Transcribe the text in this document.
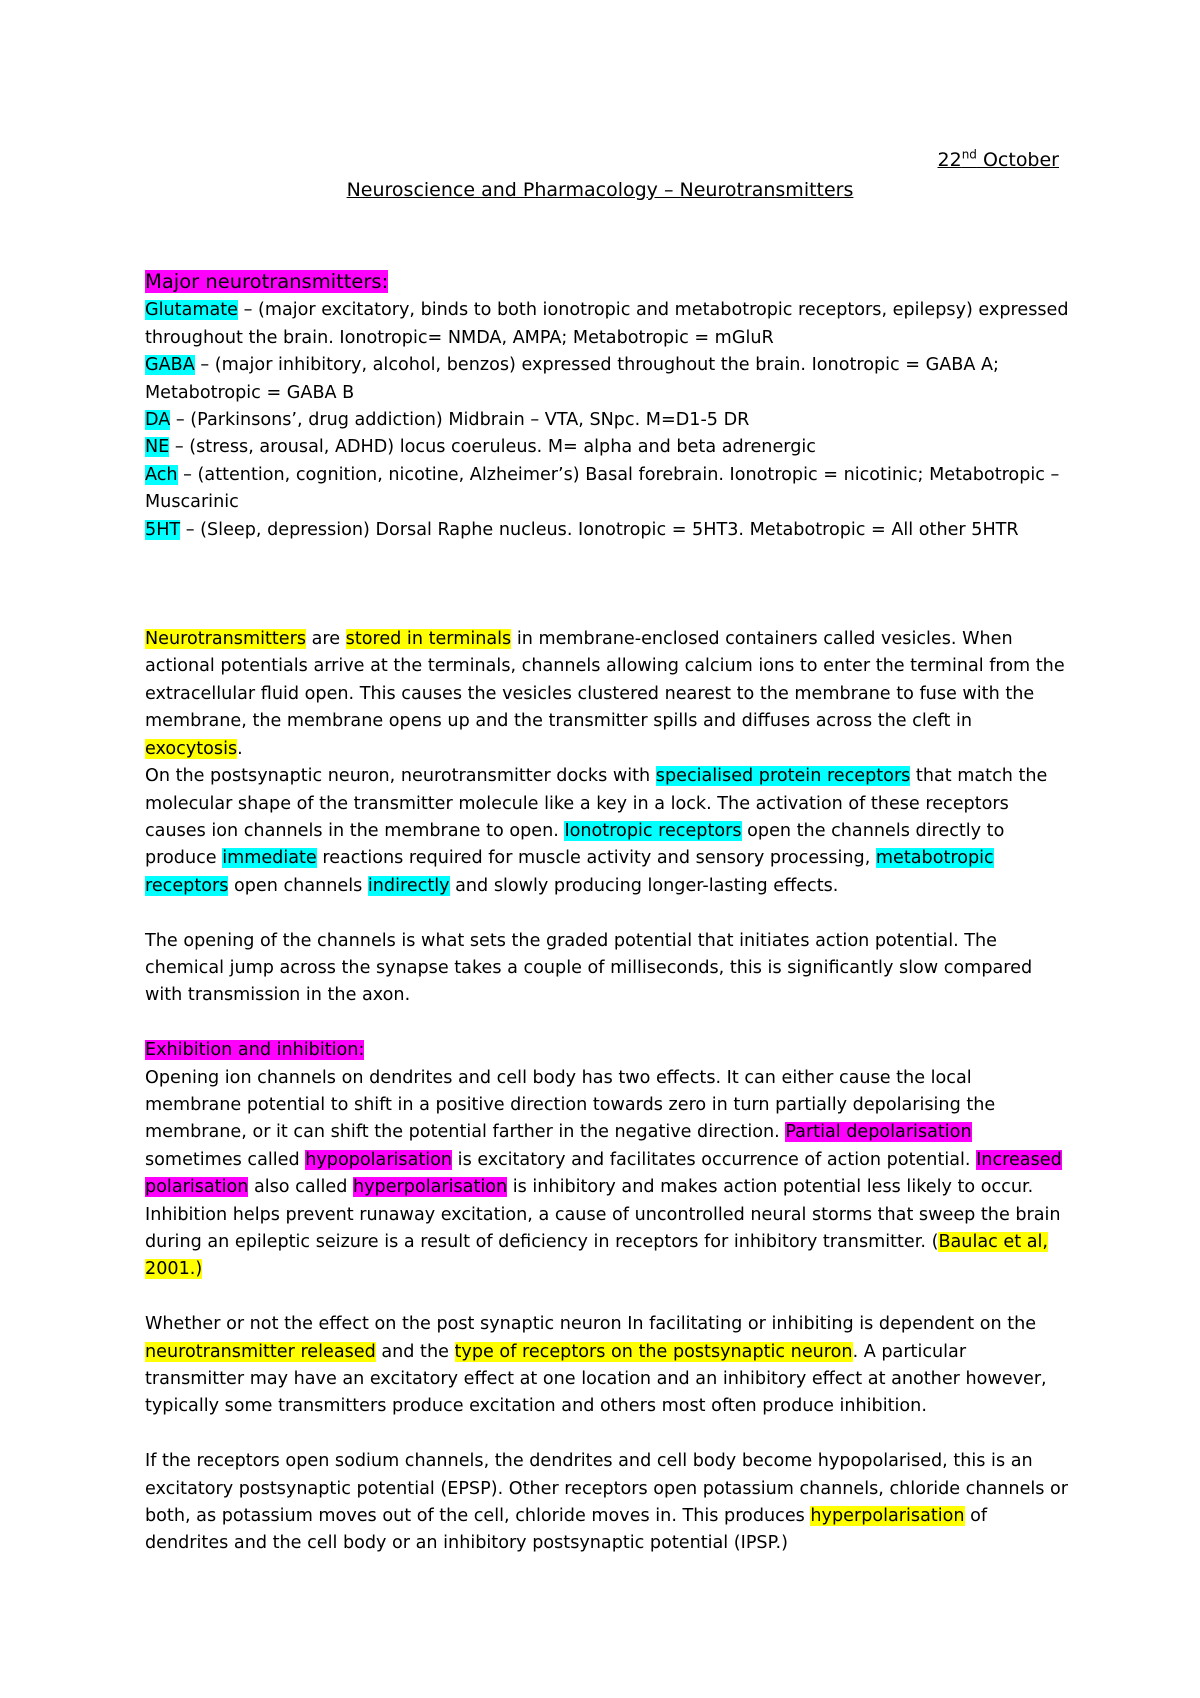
22nd October
Neuroscience and Pharmacology – Neurotransmitters

Major neurotransmitters:

Glutamate – (major excitatory, binds to both ionotropic and metabotropic receptors, epilepsy) expressed throughout the brain. Ionotropic= NMDA, AMPA; Metabotropic = mGluR

GABA – (major inhibitory, alcohol, benzos) expressed throughout the brain. Ionotropic = GABA A; Metabotropic = GABA B

DA – (Parkinsons’, drug addiction) Midbrain – VTA, SNpc. M=D1-5 DR

NE – (stress, arousal, ADHD) locus coeruleus. M= alpha and beta adrenergic

Ach – (attention, cognition, nicotine, Alzheimer’s) Basal forebrain. Ionotropic = nicotinic; Metabotropic – Muscarinic

5HT – (Sleep, depression) Dorsal Raphe nucleus. Ionotropic = 5HT3. Metabotropic = All other 5HTR

Neurotransmitters are stored in terminals in membrane-enclosed containers called vesicles. When actional potentials arrive at the terminals, channels allowing calcium ions to enter the terminal from the extracellular fluid open. This causes the vesicles clustered nearest to the membrane to fuse with the membrane, the membrane opens up and the transmitter spills and diffuses across the cleft in exocytosis.

On the postsynaptic neuron, neurotransmitter docks with specialised protein receptors that match the molecular shape of the transmitter molecule like a key in a lock. The activation of these receptors causes ion channels in the membrane to open. Ionotropic receptors open the channels directly to produce immediate reactions required for muscle activity and sensory processing, metabotropic receptors open channels indirectly and slowly producing longer-lasting effects.

The opening of the channels is what sets the graded potential that initiates action potential. The chemical jump across the synapse takes a couple of milliseconds, this is significantly slow compared with transmission in the axon.

Exhibition and inhibition:

Opening ion channels on dendrites and cell body has two effects. It can either cause the local membrane potential to shift in a positive direction towards zero in turn partially depolarising the membrane, or it can shift the potential farther in the negative direction. Partial depolarisation sometimes called hypopolarisation is excitatory and facilitates occurrence of action potential. Increased polarisation also called hyperpolarisation is inhibitory and makes action potential less likely to occur. Inhibition helps prevent runaway excitation, a cause of uncontrolled neural storms that sweep the brain during an epileptic seizure is a result of deficiency in receptors for inhibitory transmitter. (Baulac et al, 2001.)

Whether or not the effect on the post synaptic neuron In facilitating or inhibiting is dependent on the neurotransmitter released and the type of receptors on the postsynaptic neuron. A particular transmitter may have an excitatory effect at one location and an inhibitory effect at another however, typically some transmitters produce excitation and others most often produce inhibition.

If the receptors open sodium channels, the dendrites and cell body become hypopolarised, this is an excitatory postsynaptic potential (EPSP). Other receptors open potassium channels, chloride channels or both, as potassium moves out of the cell, chloride moves in. This produces hyperpolarisation of dendrites and the cell body or an inhibitory postsynaptic potential (IPSP.)
